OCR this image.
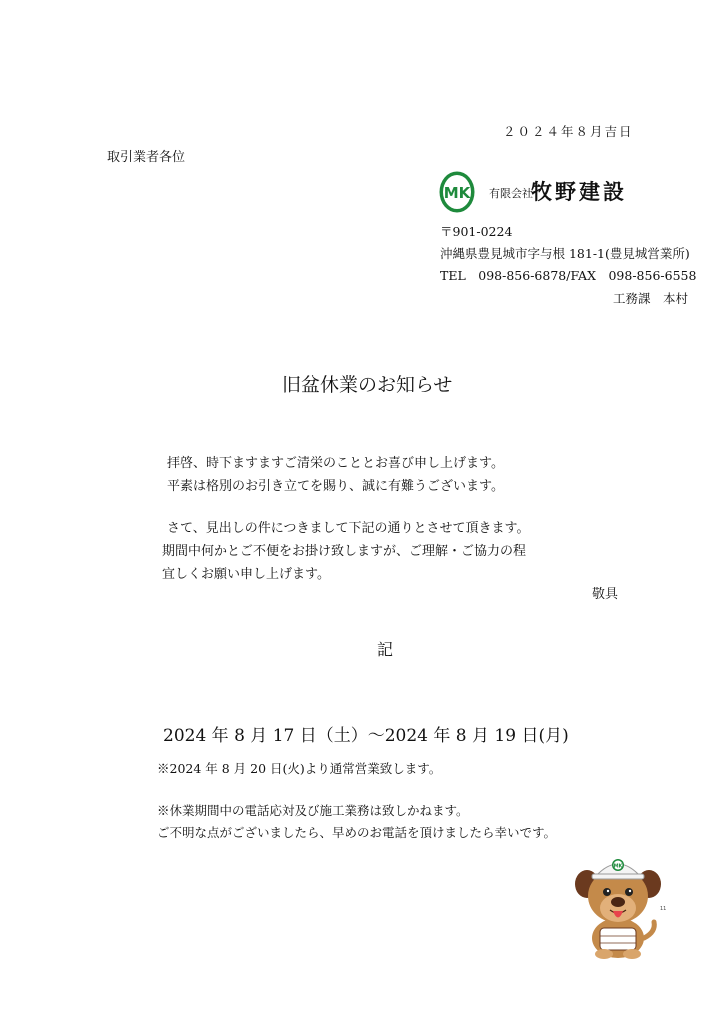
２０２４年８月吉日
取引業者各位
MK 有限会社
牧野建設
〒901-0224
沖縄県豊見城市字与根 181-1(豊見城営業所)
TEL　098-856-6878/FAX　098-856-6558
工務課　本村
旧盆休業のお知らせ
拝啓、時下ますますご清栄のこととお喜び申し上げます。
平素は格別のお引き立てを賜り、誠に有難うございます。
さて、見出しの件につきまして下記の通りとさせて頂きます。
期間中何かとご不便をお掛け致しますが、ご理解・ご協力の程
宜しくお願い申し上げます。
敬具
記
2024 年 8 月 17 日（土）～2024 年 8 月 19 日(月)
※2024 年 8 月 20 日(火)より通常営業致します。
※休業期間中の電話応対及び施工業務は致しかねます。
ご不明な点がございましたら、早めのお電話を頂けましたら幸いです。
MK
11
